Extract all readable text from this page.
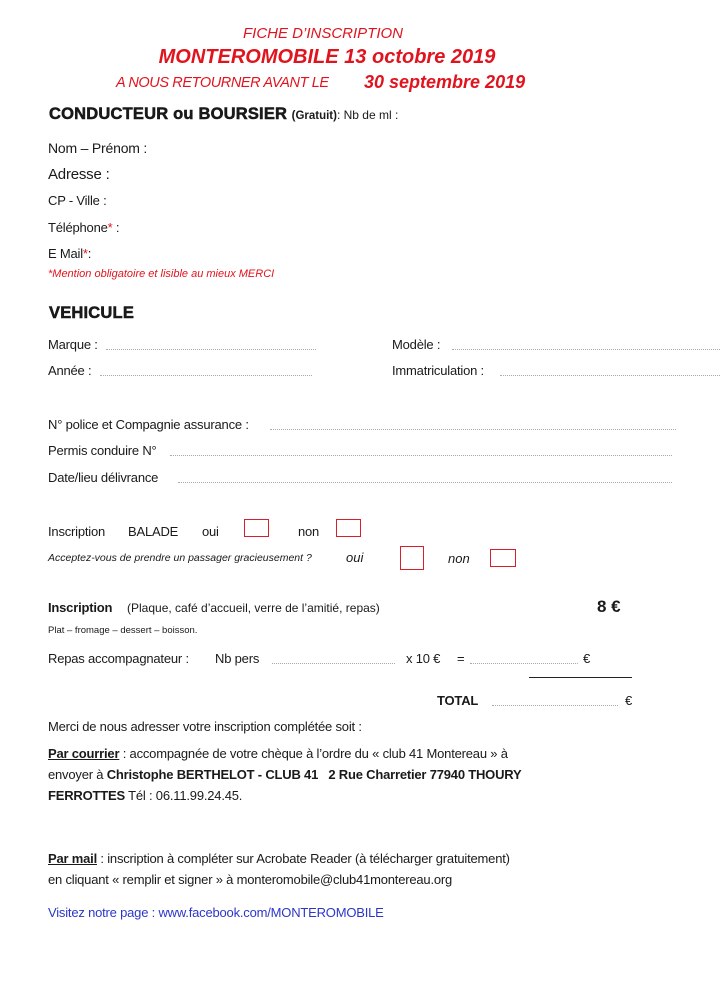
FICHE D’INSCRIPTION
MONTEROMOBILE 13 octobre 2019
A NOUS RETOURNER AVANT LE 30 septembre 2019
CONDUCTEUR ou BOURSIER (Gratuit): Nb de ml :
Nom – Prénom :
Adresse :
CP - Ville :
Téléphone* :
E Mail*:
*Mention obligatoire et lisible au mieux MERCI
VEHICULE
Marque :	Modèle :
Année :	Immatriculation :
N° police et Compagnie assurance :
Permis conduire N°
Date/lieu délivrance
Inscription BALADE oui	non
Acceptez-vous de prendre un passager gracieusement ?	oui	non
Inscription (Plaque, café d’accueil, verre de l’amitié, repas)	8 €
Plat – fromage – dessert – boisson.
Repas accompagnateur : Nb pers	x 10 € =	€
TOTAL	€
Merci de nous adresser votre inscription complétée soit :
Par courrier : accompagnée de votre chèque à l’ordre du « club 41 Montereau » à
envoyer à Christophe BERTHELOT - CLUB 41   2 Rue Charretier 77940 THOURY
FERROTTES Tél : 06.11.99.24.45.
Par mail : inscription à compléter sur Acrobate Reader (à télécharger gratuitement)
en cliquant « remplir et signer » à monteromobile@club41montereau.org
Visitez notre page : www.facebook.com/MONTEROMOBILE
